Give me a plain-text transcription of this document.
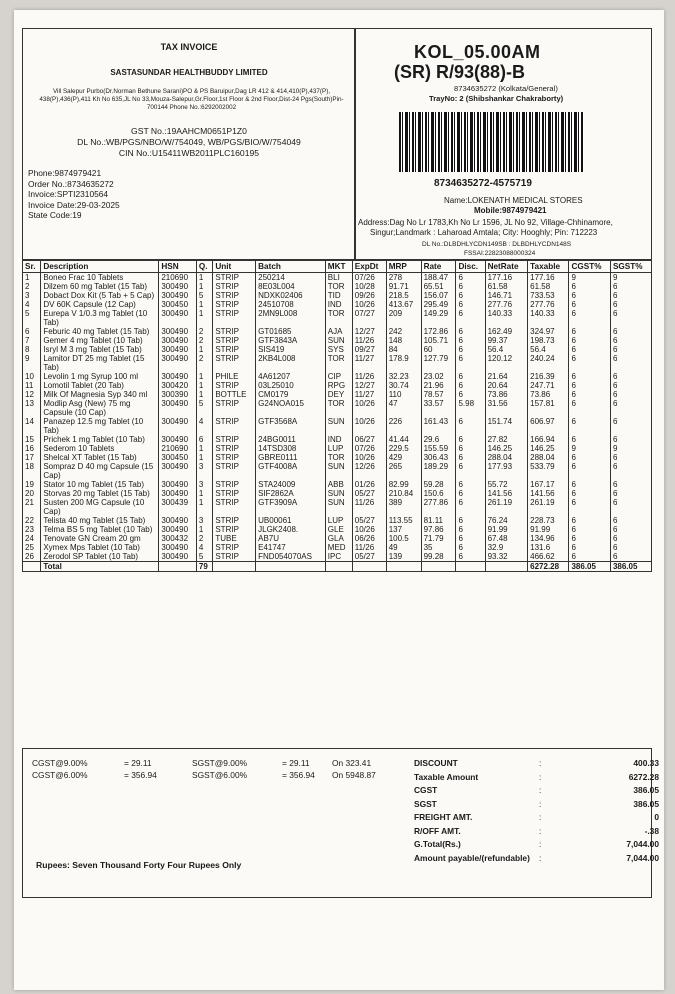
TAX INVOICE
SASTASUNDAR HEALTHBUDDY LIMITED
Vill Salepur Purbo(Dr.Norman Bethune Sarani)PO & PS Baruipur,Dag LR 412 & 414,410(P),437(P), 438(P),436(P),411 Kh No 635,JL No 33,Mouza-Salepur,Gr.Floor,1st Floor & 2nd Floor,Dist-24 Pgs(South)Pin-700144 Phone No.:6292002002
GST No.:19AAHCM0651P1Z0
DL No.:WB/PGS/NBO/W/754049, WB/PGS/BIO/W/754049
CIN No.:U15411WB2011PLC160195
Phone:9874979421
Order No.:8734635272
Invoice:SPTI2310564
Invoice Date:29-03-2025
State Code:19
KOL_05.00AM
(SR) R/93(88)-B
8734635272 (Kolkata/General)
TrayNo: 2 (Shibshankar Chakraborty)
8734635272-4575719
Name:LOKENATH MEDICAL STORES
Mobile:9874979421
Address:Dag No Lr 1783,Kh No Lr 1596, JL No 92, Village-Chhinamore,
Singur;Landmark : Laharoad Amtala; City: Hooghly; Pin: 712223
DL No.:DLBDHLYCDN149SB : DLBDHLYCDN148S
FSSAI:22823088000324
Sr.	Description	HSN	Q.	Unit	Batch	MKT	ExpDt	MRP	Rate	Disc.	NetRate	Taxable	CGST%	SGST%
1	Boneo Frac 10 Tablets	210690	1	STRIP	250214	BLI	07/26	278	188.47	6	177.16	177.16	9	9
2	Dilzem 60 mg Tablet (15 Tab)	300490	1	STRIP	8E03L004	TOR	10/28	91.71	65.51	6	61.58	61.58	6	6
3	Dobact Dox Kit (5 Tab + 5 Cap)	300490	5	STRIP	NDXK02406	TID	09/26	218.5	156.07	6	146.71	733.53	6	6
4	DV 60K Capsule (12 Cap)	300450	1	STRIP	24510708	IND	10/26	413.67	295.49	6	277.76	277.76	6	6
5	Eurepa V 1/0.3 mg Tablet (10 Tab)	300490	1	STRIP	2MN9L008	TOR	07/27	209	149.29	6	140.33	140.33	6	6
6	Feburic 40 mg Tablet (15 Tab)	300490	2	STRIP	GT01685	AJA	12/27	242	172.86	6	162.49	324.97	6	6
7	Gemer 4 mg Tablet (10 Tab)	300490	2	STRIP	GTF3843A	SUN	11/26	148	105.71	6	99.37	198.73	6	6
8	Isryl M 3 mg Tablet (15 Tab)	300490	1	STRIP	SIS419	SYS	09/27	84	60	6	56.4	56.4	6	6
9	Lamitor DT 25 mg Tablet (15 Tab)	300490	2	STRIP	2KB4L008	TOR	11/27	178.9	127.79	6	120.12	240.24	6	6
10	Levolin 1 mg Syrup 100 ml	300490	1	PHILE	4A61207	CIP	11/26	32.23	23.02	6	21.64	216.39	6	6
11	Lomotil Tablet (20 Tab)	300420	1	STRIP	03L25010	RPG	12/27	30.74	21.96	6	20.64	247.71	6	6
12	Milk Of Magnesia Syp 340 ml	300390	1	BOTTLE	CM0179	DEY	11/27	110	78.57	6	73.86	73.86	6	6
13	Modlip Asg (New) 75 mg Capsule (10 Cap)	300490	5	STRIP	G24NOA015	TOR	10/26	47	33.57	5.98	31.56	157.81	6	6
14	Panazep 12.5 mg Tablet (10 Tab)	300490	4	STRIP	GTF3568A	SUN	10/26	226	161.43	6	151.74	606.97	6	6
15	Prichek 1 mg Tablet (10 Tab)	300490	6	STRIP	24BG0011	IND	06/27	41.44	29.6	6	27.82	166.94	6	6
16	Sederom 10 Tablets	210690	1	STRIP	14TSD308	LUP	07/26	229.5	155.59	6	146.25	146.25	9	9
17	Shelcal XT Tablet (15 Tab)	300450	1	STRIP	GBRE0111	TOR	10/26	429	306.43	6	288.04	288.04	6	6
18	Sompraz D 40 mg Capsule (15 Cap)	300490	3	STRIP	GTF4008A	SUN	12/26	265	189.29	6	177.93	533.79	6	6
19	Stator 10 mg Tablet (15 Tab)	300490	3	STRIP	STA24009	ABB	01/26	82.99	59.28	6	55.72	167.17	6	6
20	Storvas 20 mg Tablet (15 Tab)	300490	1	STRIP	SIF2862A	SUN	05/27	210.84	150.6	6	141.56	141.56	6	6
21	Susten 200 MG Capsule (10 Cap)	300439	1	STRIP	GTF3909A	SUN	11/26	389	277.86	6	261.19	261.19	6	6
22	Telista 40 mg Tablet (15 Tab)	300490	3	STRIP	UB00061	LUP	05/27	113.55	81.11	6	76.24	228.73	6	6
23	Telma BS 5 mg Tablet (10 Tab)	300490	1	STRIP	JLGK2408.	GLE	10/26	137	97.86	6	91.99	91.99	6	6
24	Tenovate GN Cream 20 gm	300432	2	TUBE	AB7U	GLA	06/26	100.5	71.79	6	67.48	134.96	6	6
25	Xymex Mps Tablet (10 Tab)	300490	4	STRIP	E41747	MED	11/26	49	35	6	32.9	131.6	6	6
26	Zerodol SP Tablet (10 Tab)	300490	5	STRIP	FND054070AS	IPC	05/27	139	99.28	6	93.32	466.62	6	6
	Total		79									6272.28	386.05	386.05
CGST@9.00%	= 29.11	SGST@9.00%	= 29.11	On 323.41
CGST@6.00%	= 356.94	SGST@6.00%	= 356.94 On 5948.87
DISCOUNT	:	400.33
Taxable Amount	:	6272.28
CGST	:	386.05
SGST	:	386.05
FREIGHT AMT.	:	0
R/OFF AMT.	:	-.38
G.Total(Rs.)	:	7,044.00
Amount payable/(refundable) :	7,044.00
Rupees: Seven Thousand Forty Four Rupees Only
